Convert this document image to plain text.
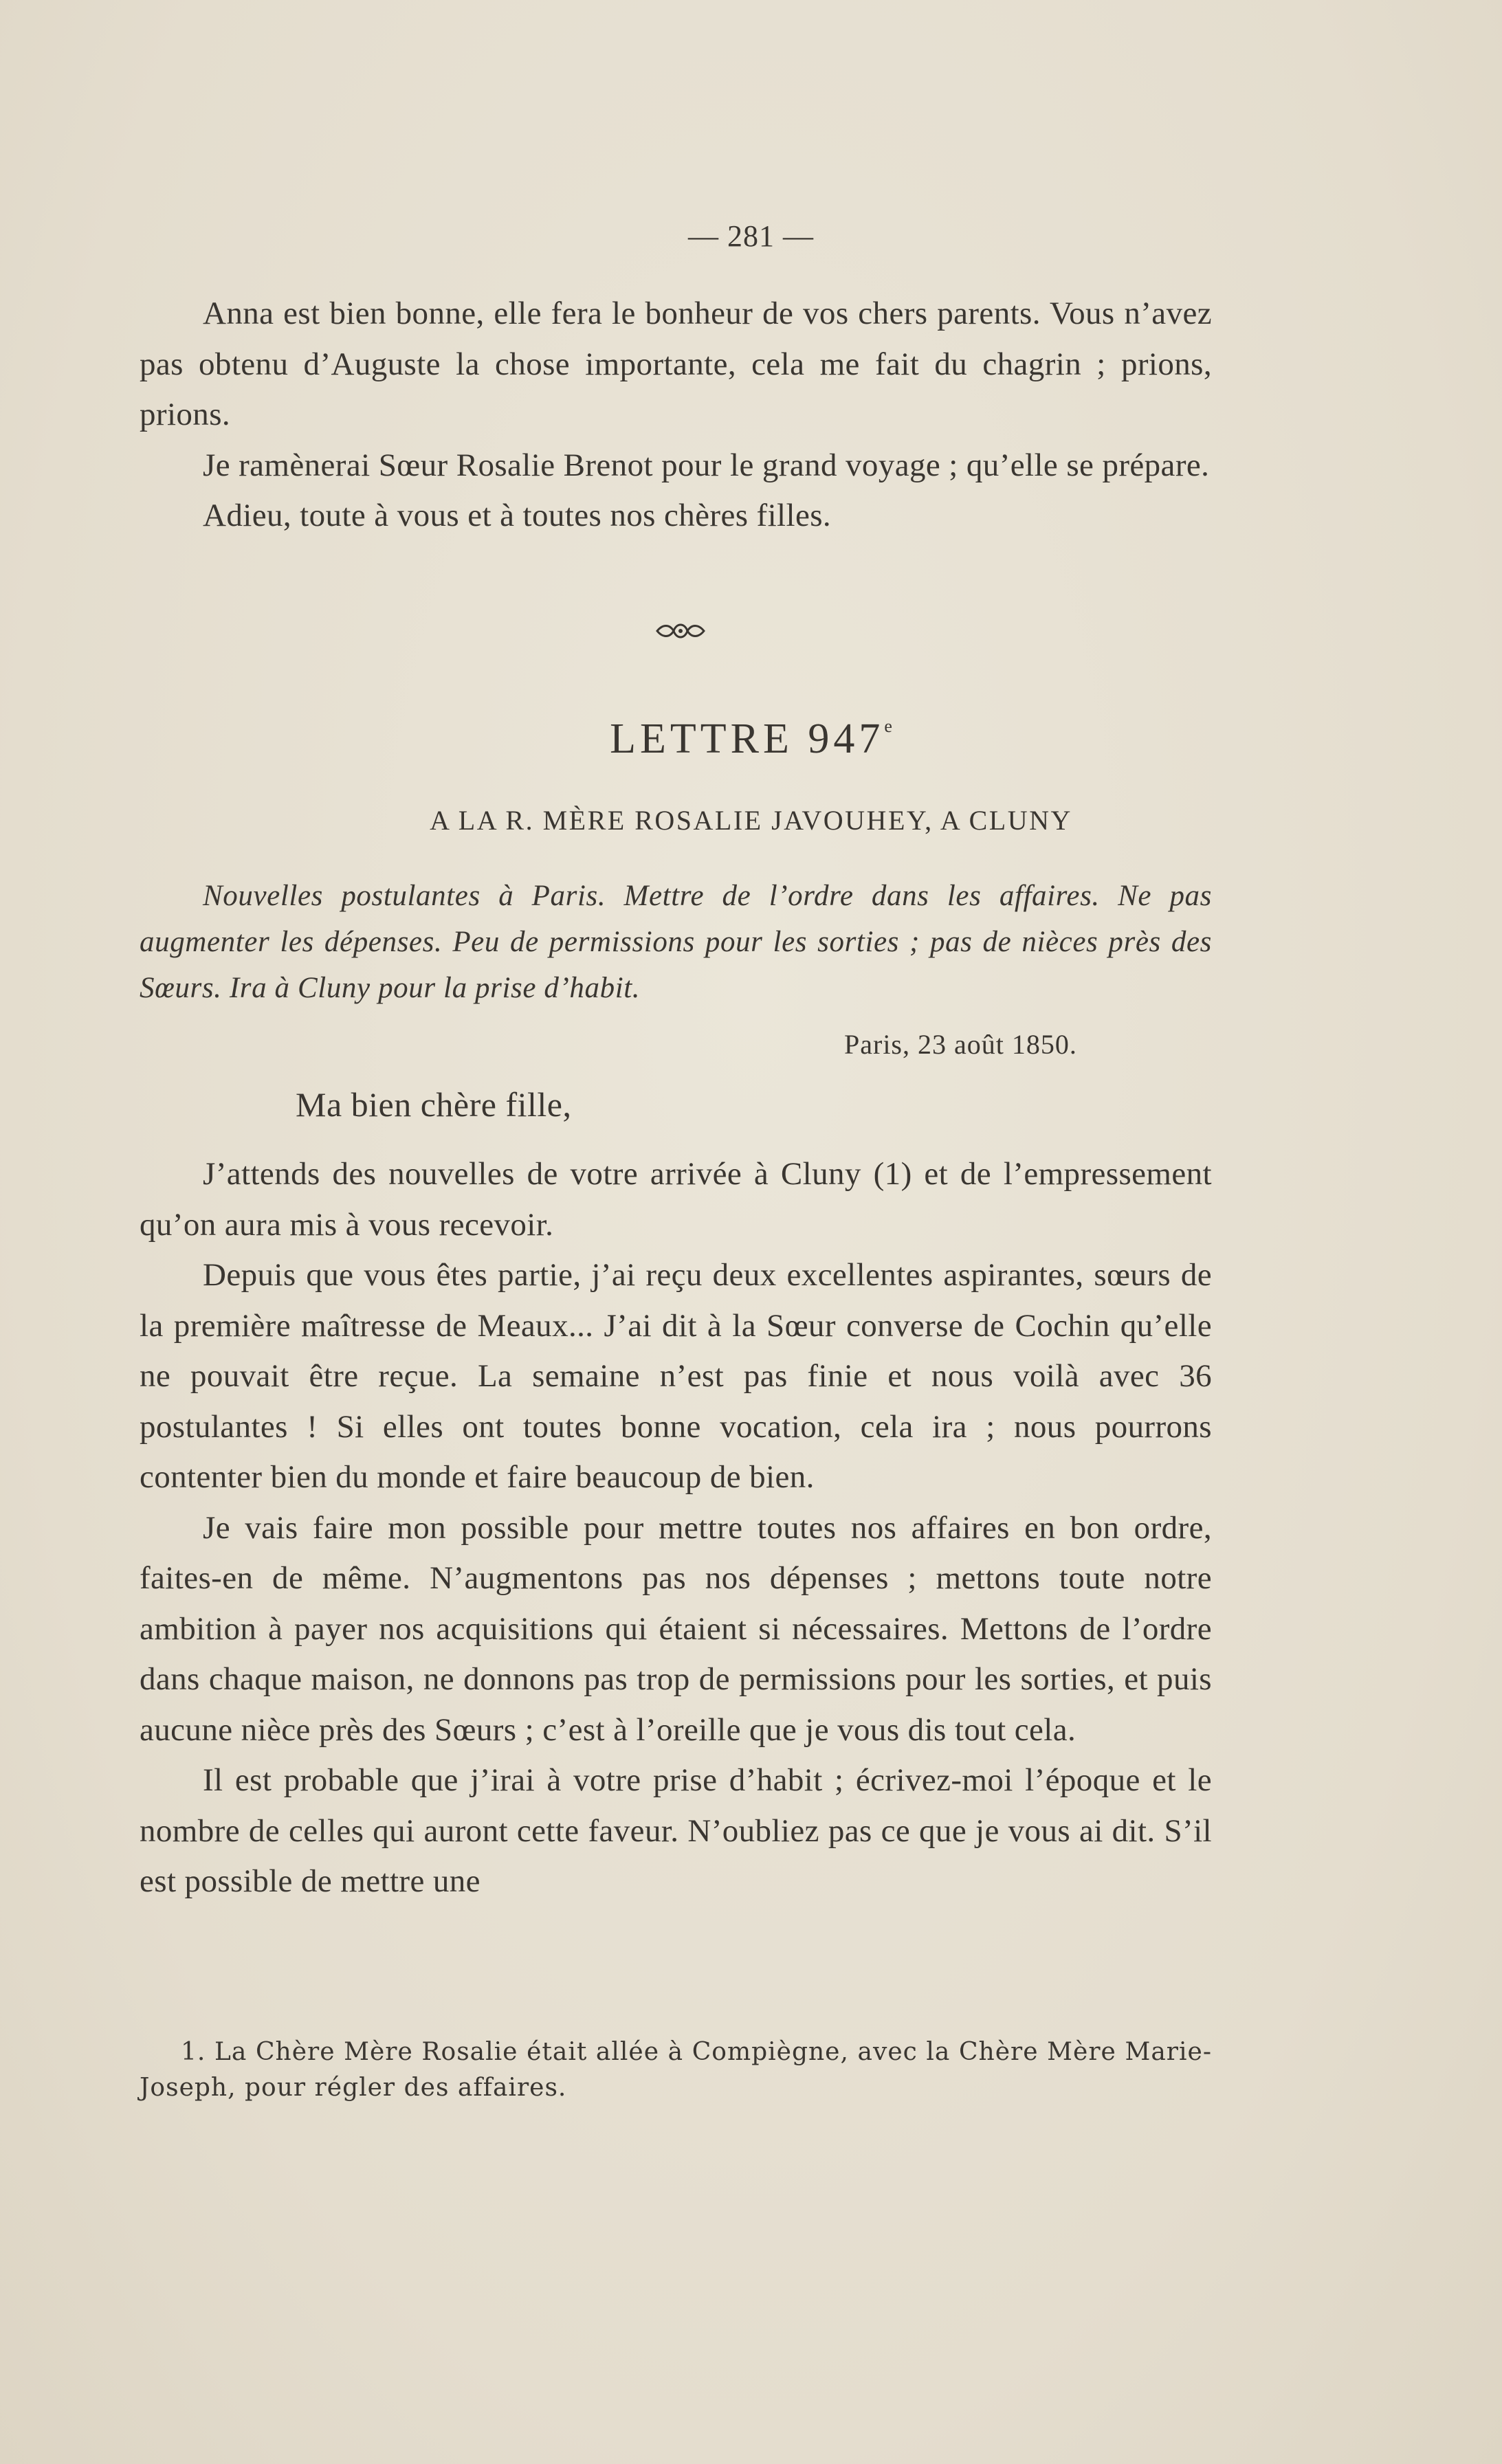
— 281 —

Anna est bien bonne, elle fera le bonheur de vos chers parents. Vous n’avez pas obtenu d’Auguste la chose importante, cela me fait du chagrin ; prions, prions.

Je ramènerai Sœur Rosalie Brenot pour le grand voyage ; qu’elle se prépare.

Adieu, toute à vous et à toutes nos chères filles.

LETTRE 947e
A LA R. MÈRE ROSALIE JAVOUHEY, A CLUNY

Nouvelles postulantes à Paris. Mettre de l’ordre dans les affaires. Ne pas augmenter les dépenses. Peu de permissions pour les sorties ; pas de nièces près des Sœurs. Ira à Cluny pour la prise d’habit.

Paris, 23 août 1850.
Ma bien chère fille,

J’attends des nouvelles de votre arrivée à Cluny (1) et de l’empressement qu’on aura mis à vous recevoir.

Depuis que vous êtes partie, j’ai reçu deux excellentes aspirantes, sœurs de la première maîtresse de Meaux... J’ai dit à la Sœur converse de Cochin qu’elle ne pouvait être reçue. La semaine n’est pas finie et nous voilà avec 36 postulantes ! Si elles ont toutes bonne vocation, cela ira ; nous pourrons contenter bien du monde et faire beaucoup de bien.

Je vais faire mon possible pour mettre toutes nos affaires en bon ordre, faites-en de même. N’augmentons pas nos dépenses ; mettons toute notre ambition à payer nos acquisitions qui étaient si nécessaires. Mettons de l’ordre dans chaque maison, ne donnons pas trop de permissions pour les sorties, et puis aucune nièce près des Sœurs ; c’est à l’oreille que je vous dis tout cela.

Il est probable que j’irai à votre prise d’habit ; écrivez-moi l’époque et le nombre de celles qui auront cette faveur. N’oubliez pas ce que je vous ai dit. S’il est possible de mettre une

1. La Chère Mère Rosalie était allée à Compiègne, avec la Chère Mère Marie-Joseph, pour régler des affaires.
